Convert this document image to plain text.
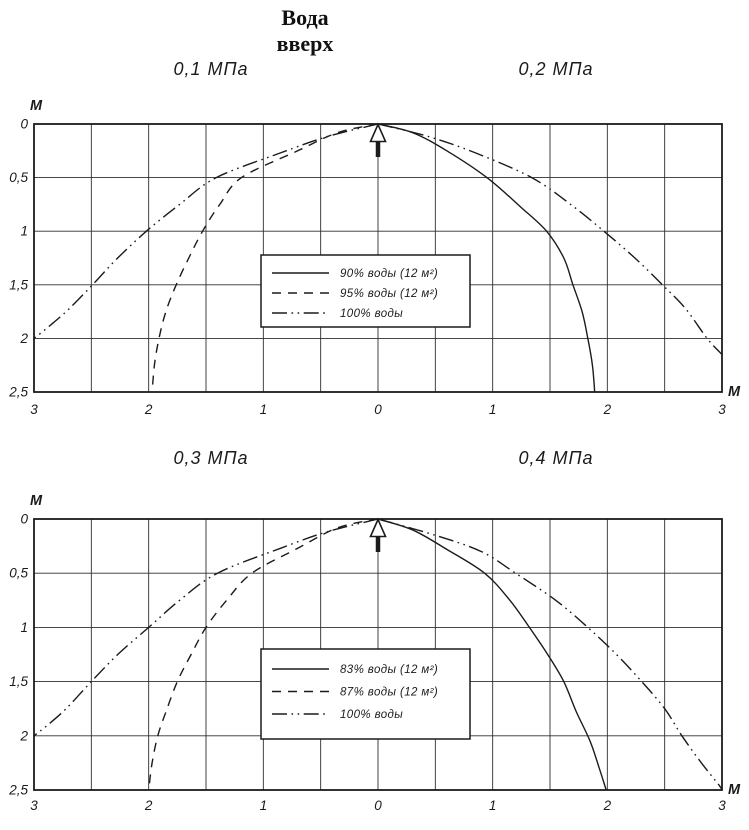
Вода
вверх
0,1 МПа	0,2 МПа
0
0,5
1
1,5
2
2,5
3	2	1	0	1	2	3
М
М
90% воды (12 м²)
95% воды (12 м²)
100% воды
0,3 МПа	0,4 МПа
0
0,5
1
1,5
2
2,5
3	2	1	0	1	2	3
М
М
83% воды (12 м²)
87% воды (12 м²)
100% воды
